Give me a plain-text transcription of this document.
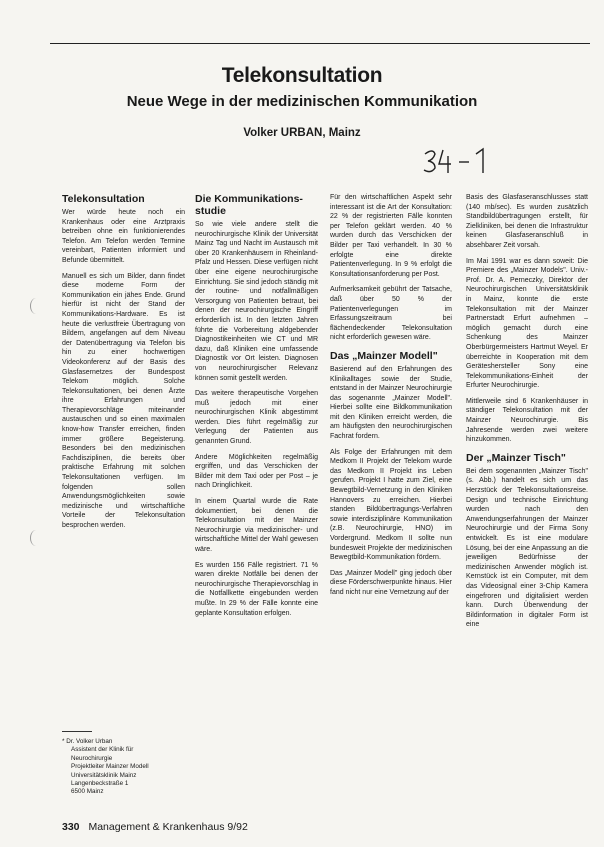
Telekonsultation
Neue Wege in der medizinischen Kommunikation
Volker URBAN, Mainz
Telekonsultation

Wer würde heute noch ein Krankenhaus oder eine Arztpraxis betreiben ohne ein funktionierendes Telefon. Am Telefon werden Termine vereinbart, Patienten informiert und Befunde übermittelt.

Manuell es sich um Bilder, dann findet diese moderne Form der Kommunikation ein jähes Ende. Grund hierfür ist nicht der Stand der Kommunikations-Hardware. Es ist heute die verlustfreie Übertragung von Bildern, angefangen auf dem Niveau der Datenübertragung via Telefon bis hin zu einer hochwertigen Videokonferenz auf der Basis des Glasfasernetzes der Bundespost Telekom möglich. Solche Telekonsultationen, bei denen Ärzte ihre Erfahrungen und Therapievorschläge miteinander austauschen und so einen maximalen know-how Transfer erreichen, finden immer größere Begeisterung. Besonders bei den medizinischen Fachdisziplinen, die bereits über praktische Erfahrung mit solchen Telekonsultationen verfügen. Im folgenden sollen Anwendungsmöglichkeiten sowie medizinische und wirtschaftliche Vorteile der Telekonsultation besprochen werden.

Die Kommunikations-studie

So wie viele andere stellt die neurochirurgische Klinik der Universität Mainz Tag und Nacht im Austausch mit über 20 Krankenhäusern in Rheinland-Pfalz und Hessen. Diese verfügen nicht über eine eigene neurochirurgische Einrichtung. Sie sind jedoch ständig mit der routine- und notfallmäßigen Versorgung von Patienten betraut, bei denen der neurochirurgische Eingriff erforderlich ist. In den letzten Jahren führte die Vorbereitung aldgebender Diagnostikeinheiten wie CT und MR dazu, daß Kliniken eine umfassende Diagnostik vor Ort leisten. Diagnosen von neurochirurgischer Relevanz können somit gestellt werden.

Das weitere therapeutische Vorgehen muß jedoch mit einer neurochirurgischen Klinik abgestimmt werden. Dies führt regelmäßig zur Verlegung der Patienten aus genannten Grund.

Andere Möglichkeiten regelmäßig ergriffen, und das Verschicken der Bilder mit dem Taxi oder per Post – je nach Dringlichkeit.

In einem Quartal wurde die Rate dokumentiert, bei denen die Telekonsultation mit der Mainzer Neurochirurgie via medizinischer- und wirtschaftliche Mittel der Wahl gewesen wäre.

Es wurden 156 Fälle registriert. 71 % waren direkte Notfälle bei denen der neurochirurgische Therapievorschlag in die Notfallkette eingebunden werden mußte. In 29 % der Fälle konnte eine geplante Konsultation erfolgen.

Für den wirtschaftlichen Aspekt sehr interessant ist die Art der Konsultation: 22 % der registrierten Fälle konnten per Telefon geklärt werden. 40 % wurden durch das Verschicken der Bilder per Taxi verhandelt. In 30 % erfolgte eine direkte Patientenverlegung. In 9 % erfolgt die Konsultationsanforderung per Post.

Aufmerksamkeit gebührt der Tatsache, daß über 50 % der Patientenverlegungen im Erfassungszeitraum bei flächendeckender Telekonsultation nicht erforderlich gewesen wäre.

Das „Mainzer Modell"

Basierend auf den Erfahrungen des Klinikalltages sowie der Studie, entstand in der Mainzer Neurochirurgie das sogenannte „Mainzer Modell". Hierbei sollte eine Bildkommunikation mit den Kliniken erreicht werden, die am häufigsten den neurochirurgischen Fachrat fordern.

Als Folge der Erfahrungen mit dem Medkom II Projekt der Telekom wurde das Medkom II Projekt ins Leben gerufen. Projekt I hatte zum Ziel, eine Bewegtbild-Vernetzung in den Kliniken Hannovers zu erreichen. Hierbei standen Bildübertragungs-Verfahren sowie interdisziplinäre Kommunikation (z.B. Neurochirurgie, HNO) im Vordergrund. Medkom II sollte nun bundesweit Projekte der medizinischen Bewegtbild-Kommunikation fördern.

Das „Mainzer Modell" ging jedoch über diese Förderschwerpunkte hinaus. Hier fand nicht nur eine Vernetzung auf der

Basis des Glasfaseranschlusses statt (140 mb/sec). Es wurden zusätzlich Standbildübertragungen erstellt, für Zielkliniken, bei denen die Infrastruktur keinen Glasfaseranschluß in absehbarer Zeit vorsah.

Im Mai 1991 war es dann soweit: Die Premiere des „Mainzer Models". Univ.-Prof. Dr. A. Perneczky, Direktor der Neurochirurgischen Universitätsklinik in Mainz, konnte die erste Telekonsultation mit der Mainzer Partnerstadt Erfurt aufnehmen – möglich gemacht durch eine Schenkung des Mainzer Oberbürgermeisters Hartmut Weyel. Er überreichte in Kooperation mit dem Geräteshersteller Sony eine Telekommunikations-Einheit der Erfurter Neurochirurgie.

Mittlerweile sind 6 Krankenhäuser in ständiger Telekonsultation mit der Mainzer Neurochirurgie. Bis Jahresende werden zwei weitere hinzukommen.

Der „Mainzer Tisch"

Bei dem sogenannten „Mainzer Tisch" (s. Abb.) handelt es sich um das Herzstück der Telekonsultationsreise. Design und technische Einrichtung wurden nach den Anwendungserfahrungen der Mainzer Neurochirurgie und der Firma Sony entwickelt. Es ist eine modulare Lösung, bei der eine Anpassung an die jeweiligen Bedürfnisse der medizinischen Anwender möglich ist. Kernstück ist ein Computer, mit dem das Videosignal einer 3-Chip Kamera eingefroren und digitalisiert werden kann. Durch Überwendung der Bildinformation in digitaler Form ist eine

* Dr. Volker Urban
Assistent der Klinik für
Neurochirurgie
Projektleiter Mainzer Modell
Universitätsklinik Mainz
Langenbeckstraße 1
6500 Mainz
330 Management & Krankenhaus 9/92
